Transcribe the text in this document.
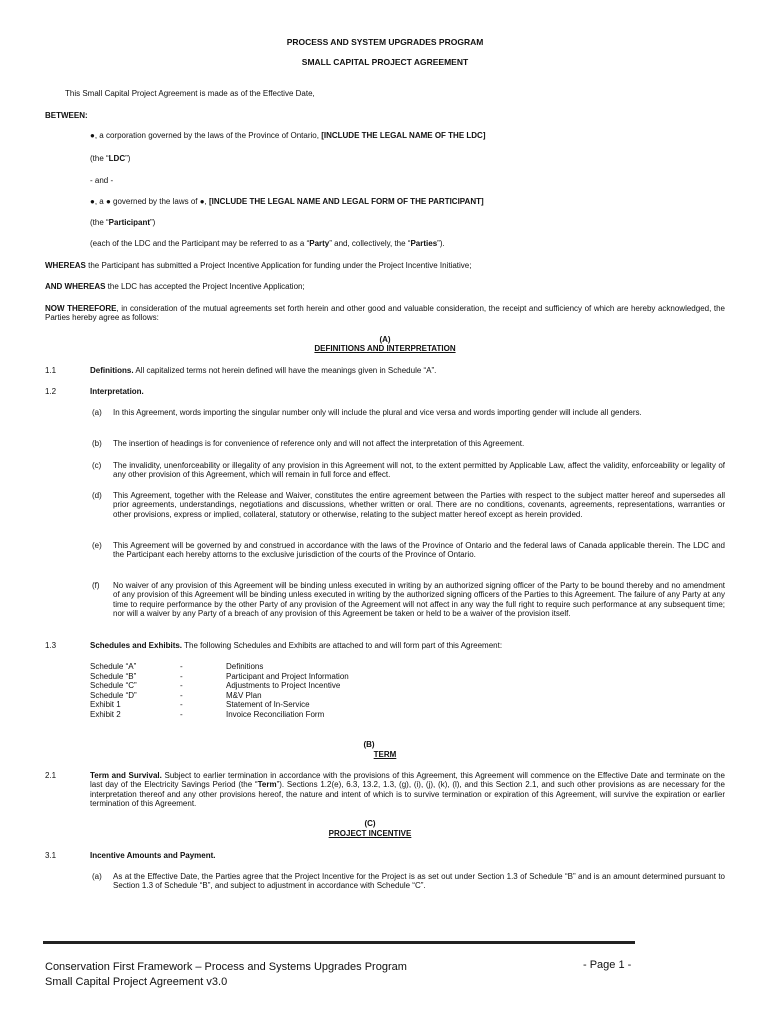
PROCESS AND SYSTEM UPGRADES PROGRAM
SMALL CAPITAL PROJECT AGREEMENT
This Small Capital Project Agreement is made as of the Effective Date,
BETWEEN:
●, a corporation governed by the laws of the Province of Ontario, [INCLUDE THE LEGAL NAME OF THE LDC]
(the “LDC”)
- and -
●, a ● governed by the laws of ●, [INCLUDE THE LEGAL NAME AND LEGAL FORM OF THE PARTICIPANT]
(the “Participant”)
(each of the LDC and the Participant may be referred to as a “Party” and, collectively, the “Parties”).
WHEREAS the Participant has submitted a Project Incentive Application for funding under the Project Incentive Initiative;
AND WHEREAS the LDC has accepted the Project Incentive Application;
NOW THEREFORE, in consideration of the mutual agreements set forth herein and other good and valuable consideration, the receipt and sufficiency of which are hereby acknowledged, the Parties hereby agree as follows:
(A)
DEFINITIONS AND INTERPRETATION
1.1	Definitions. All capitalized terms not herein defined will have the meanings given in Schedule “A”.
1.2	Interpretation.
(a) In this Agreement, words importing the singular number only will include the plural and vice versa and words importing gender will include all genders.
(b) The insertion of headings is for convenience of reference only and will not affect the interpretation of this Agreement.
(c) The invalidity, unenforceability or illegality of any provision in this Agreement will not, to the extent permitted by Applicable Law, affect the validity, enforceability or legality of any other provision of this Agreement, which will remain in full force and effect.
(d) This Agreement, together with the Release and Waiver, constitutes the entire agreement between the Parties with respect to the subject matter hereof and supersedes all prior agreements, understandings, negotiations and discussions, whether written or oral. There are no conditions, covenants, agreements, representations, warranties or other provisions, express or implied, collateral, statutory or otherwise, relating to the subject matter hereof except as herein provided.
(e) This Agreement will be governed by and construed in accordance with the laws of the Province of Ontario and the federal laws of Canada applicable therein. The LDC and the Participant each hereby attorns to the exclusive jurisdiction of the courts of the Province of Ontario.
(f) No waiver of any provision of this Agreement will be binding unless executed in writing by an authorized signing officer of the Party to be bound thereby and no amendment of any provision of this Agreement will be binding unless executed in writing by the authorized signing officers of the Parties to this Agreement. The failure of any Party at any time to require performance by the other Party of any provision of the Agreement will not affect in any way the full right to require such performance at any subsequent time; nor will a waiver by any Party of a breach of any provision of this Agreement be taken or held to be a waiver of the provision itself.
1.3	Schedules and Exhibits. The following Schedules and Exhibits are attached to and will form part of this Agreement:
Schedule “A”	-	Definitions
Schedule “B”	-	Participant and Project Information
Schedule “C”	-	Adjustments to Project Incentive
Schedule “D”	-	M&V Plan
Exhibit 1	-	Statement of In-Service
Exhibit 2	-	Invoice Reconciliation Form
(B)
TERM
2.1	Term and Survival. Subject to earlier termination in accordance with the provisions of this Agreement, this Agreement will commence on the Effective Date and terminate on the last day of the Electricity Savings Period (the “Term”). Sections 1.2(e), 6.3, 13.2, 1.3, (g), (i), (j), (k), (l), and this Section 2.1, and such other provisions as are necessary for the interpretation thereof and any other provisions hereof, the nature and intent of which is to survive termination or expiration of this Agreement, will survive the expiration or earlier termination of this Agreement.
(C)
PROJECT INCENTIVE
3.1	Incentive Amounts and Payment.
(a) As at the Effective Date, the Parties agree that the Project Incentive for the Project is as set out under Section 1.3 of Schedule “B” and is an amount determined pursuant to Section 1.3 of Schedule “B”, and subject to adjustment in accordance with Schedule “C”.
Conservation First Framework – Process and Systems Upgrades Program
Small Capital Project Agreement v3.0
- Page 1 -
